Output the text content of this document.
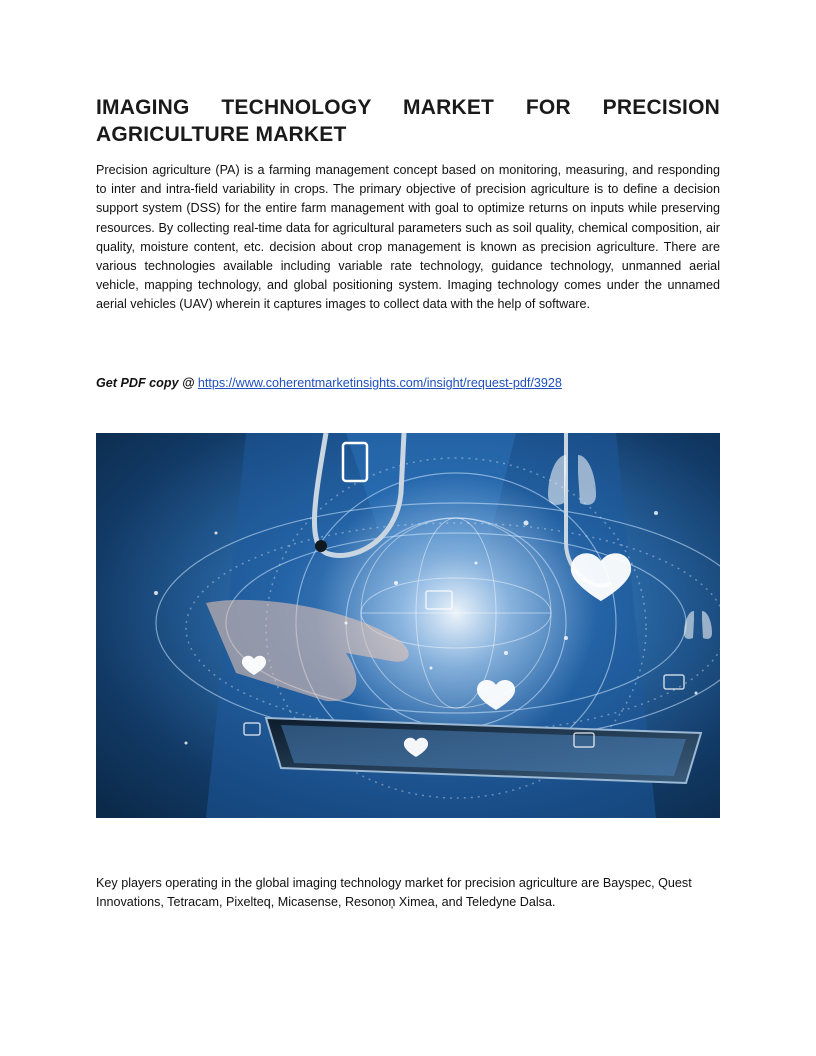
IMAGING TECHNOLOGY MARKET FOR PRECISION AGRICULTURE MARKET

Precision agriculture (PA) is a farming management concept based on monitoring, measuring, and responding to inter and intra-field variability in crops. The primary objective of precision agriculture is to define a decision support system (DSS) for the entire farm management with goal to optimize returns on inputs while preserving resources. By collecting real-time data for agricultural parameters such as soil quality, chemical composition, air quality, moisture content, etc. decision about crop management is known as precision agriculture. There are various technologies available including variable rate technology, guidance technology, unmanned aerial vehicle, mapping technology, and global positioning system. Imaging technology comes under the unnamed aerial vehicles (UAV) wherein it captures images to collect data with the help of software.

Get PDF copy @ https://www.coherentmarketinsights.com/insight/request-pdf/3928

Key players operating in the global imaging technology market for precision agriculture are Bayspec, Quest Innovations, Tetracam, Pixelteq, Micasense, Resonon̦ Ximea, and Teledyne Dalsa.
